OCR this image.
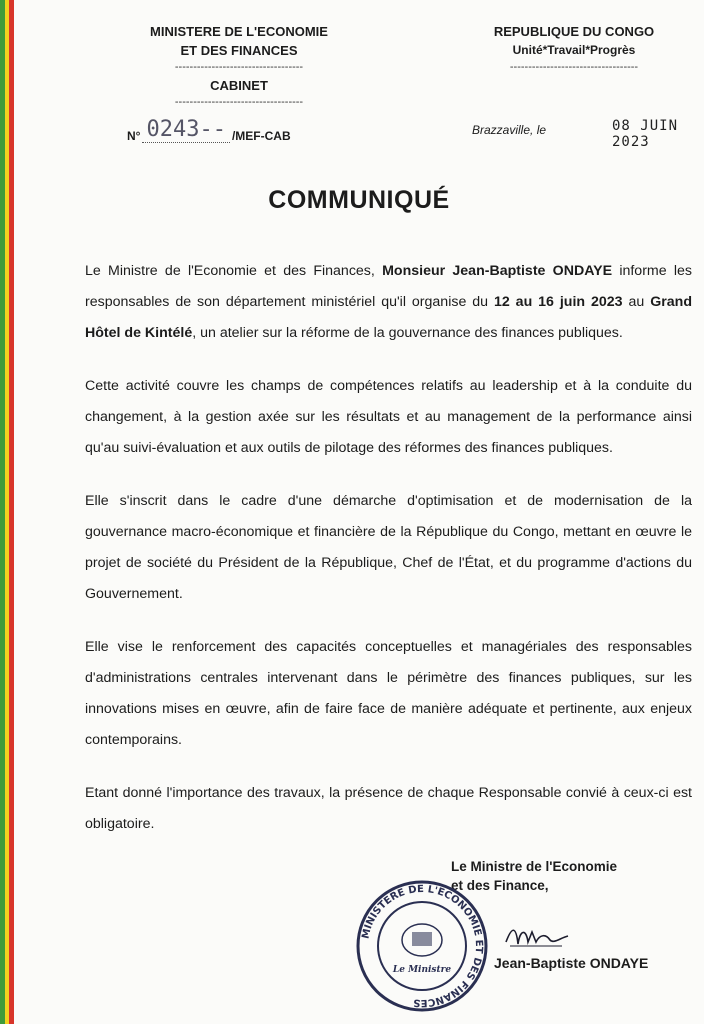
MINISTERE DE L'ECONOMIE
ET DES FINANCES
-----------------------------------
CABINET
-----------------------------------
REPUBLIQUE DU CONGO
Unité*Travail*Progrès
-----------------------------------
N° 0243-- /MEF-CAB	Brazzaville, le	08 JUIN 2023
COMMUNIQUÉ

Le Ministre de l'Economie et des Finances, Monsieur Jean-Baptiste ONDAYE informe les responsables de son département ministériel qu'il organise du 12 au 16 juin 2023 au Grand Hôtel de Kintélé, un atelier sur la réforme de la gouvernance des finances publiques.

Cette activité couvre les champs de compétences relatifs au leadership et à la conduite du changement, à la gestion axée sur les résultats et au management de la performance ainsi qu'au suivi-évaluation et aux outils de pilotage des réformes des finances publiques.

Elle s'inscrit dans le cadre d'une démarche d'optimisation et de modernisation de la gouvernance macro-économique et financière de la République du Congo, mettant en œuvre le projet de société du Président de la République, Chef de l'État, et du programme d'actions du Gouvernement.

Elle vise le renforcement des capacités conceptuelles et managériales des responsables d'administrations centrales intervenant dans le périmètre des finances publiques, sur les innovations mises en œuvre, afin de faire face de manière adéquate et pertinente, aux enjeux contemporains.

Etant donné l'importance des travaux, la présence de chaque Responsable convié à ceux-ci est obligatoire.

Le Ministre de l'Economie
et des Finance,
MINISTERE DE L'ECONOMIE ET DES FINANCES
Le Ministre	Jean-Baptiste ONDAYE
